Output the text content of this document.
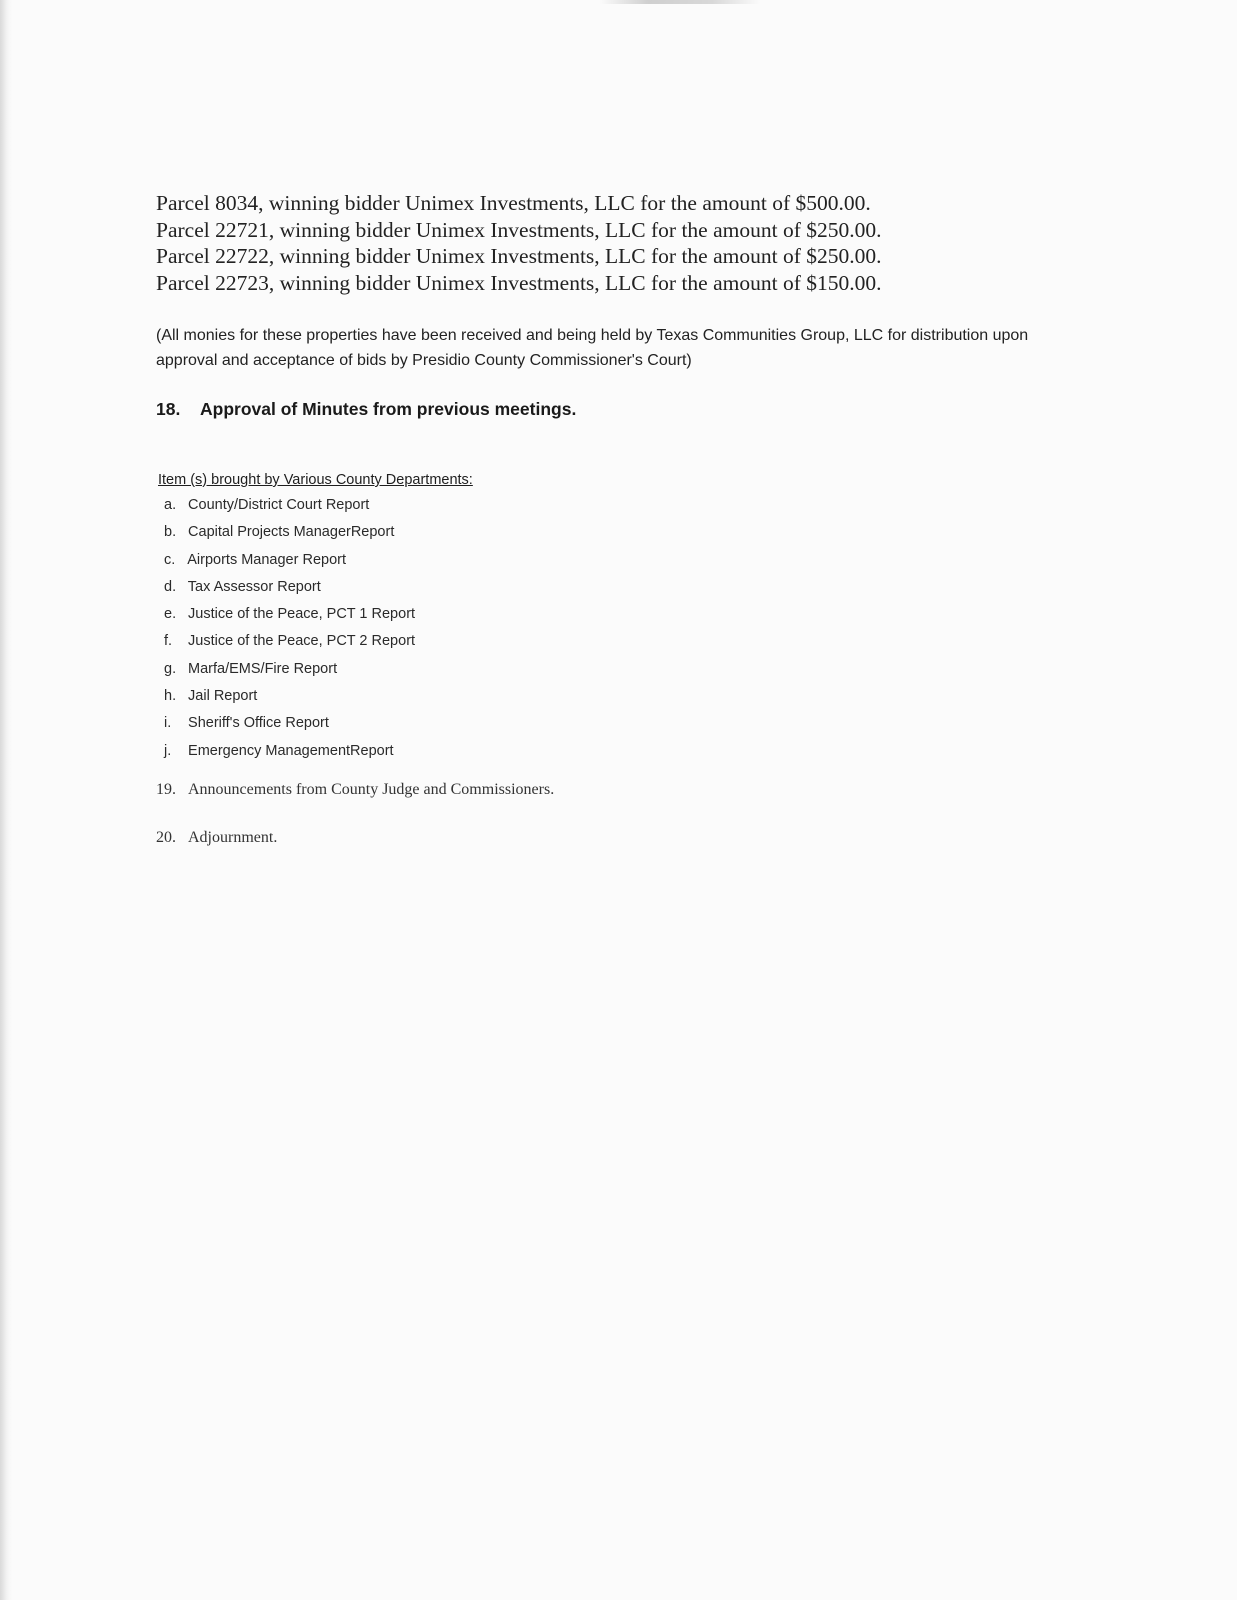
Parcel 8034, winning bidder Unimex Investments, LLC for the amount of $500.00.
Parcel 22721, winning bidder Unimex Investments, LLC for the amount of $250.00.
Parcel 22722, winning bidder Unimex Investments, LLC for the amount of $250.00.
Parcel 22723, winning bidder Unimex Investments, LLC for the amount of $150.00.
(All monies for these properties have been received and being held by Texas Communities Group, LLC for distribution upon approval and acceptance of bids by Presidio County Commissioner's Court)
18. Approval of Minutes from previous meetings.
Item (s) brought by Various County Departments:
a. County/District Court Report
b. Capital Projects ManagerReport
c. Airports Manager Report
d. Tax Assessor Report
e. Justice of the Peace, PCT 1 Report
f. Justice of the Peace, PCT 2 Report
g. Marfa/EMS/Fire Report
h. Jail Report
i. Sheriff's Office Report
j. Emergency ManagementReport
19. Announcements from County Judge and Commissioners.
20. Adjournment.
